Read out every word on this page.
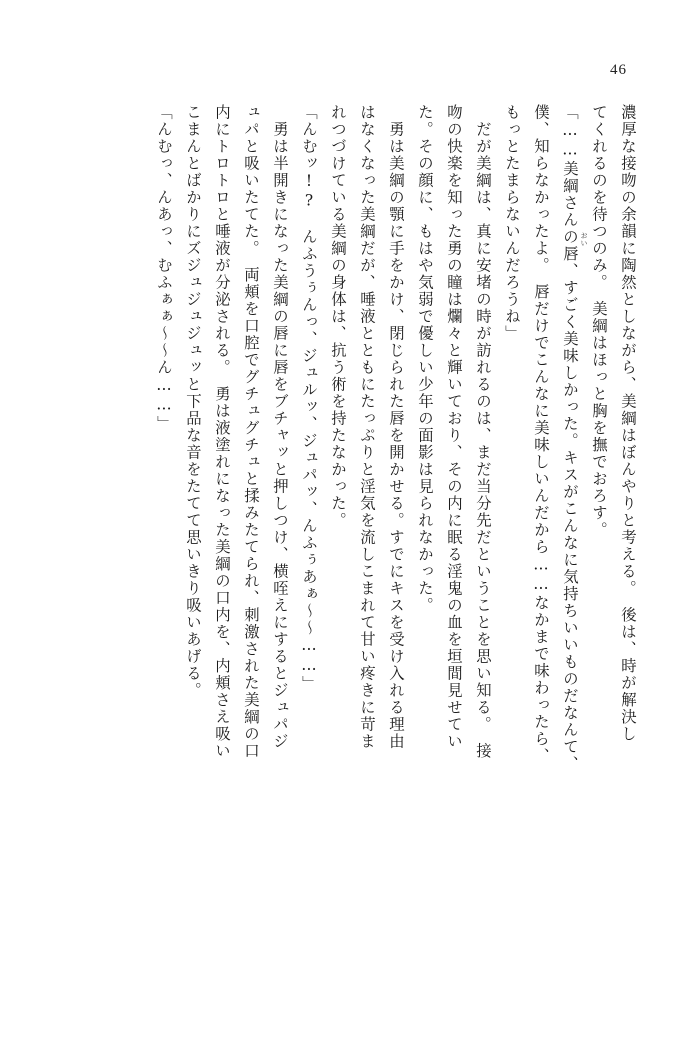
46
濃厚な接吻の余韻に陶然としながら、美綱はぼんやりと考える。　後は、時が解決し
てくれるのを待つのみ。　美綱はほっと胸を撫でおろす。
「……美綱さんの唇、すごく美味しかった。キスがこんなに気持ちいいものだなんて、
僕、知らなかったよ。　唇だけでこんなに美味しいんだから……なかまで味わったら、
もっとたまらないんだろうね」
　だが美綱は、真に安堵の時が訪れるのは、まだ当分先だということを思い知る。　接
吻の快楽を知った勇の瞳は爛々と輝いており、その内に眠る淫鬼の血を垣間見せてい
た。その顔に、もはや気弱で優しい少年の面影は見られなかった。
　勇は美綱の顎に手をかけ、閉じられた唇を開かせる。すでにキスを受け入れる理由
はなくなった美綱だが、唾液とともにたっぷりと淫気を流しこまれて甘い疼きに苛ま
れつづけている美綱の身体は、抗う術を持たなかった。
「んむッ!?　んふうぅんっ、ジュルッ、ジュパッ、んふぅあぁ～～……」
　勇は半開きになった美綱の唇に唇をブチャッと押しつけ、横咥えにするとジュパジ
ュパと吸いたてた。　両頬を口腔でグチュグチュと揉みたてられ、刺激された美綱の口
内にトロトロと唾液が分泌される。　勇は液塗れになった美綱の口内を、内頬さえ吸い
こまんとばかりにズジュジュジュッと下品な音をたてて思いきり吸いあげる。
「んむっ、んあっ、むふぁぁ～～ん……」	おい
